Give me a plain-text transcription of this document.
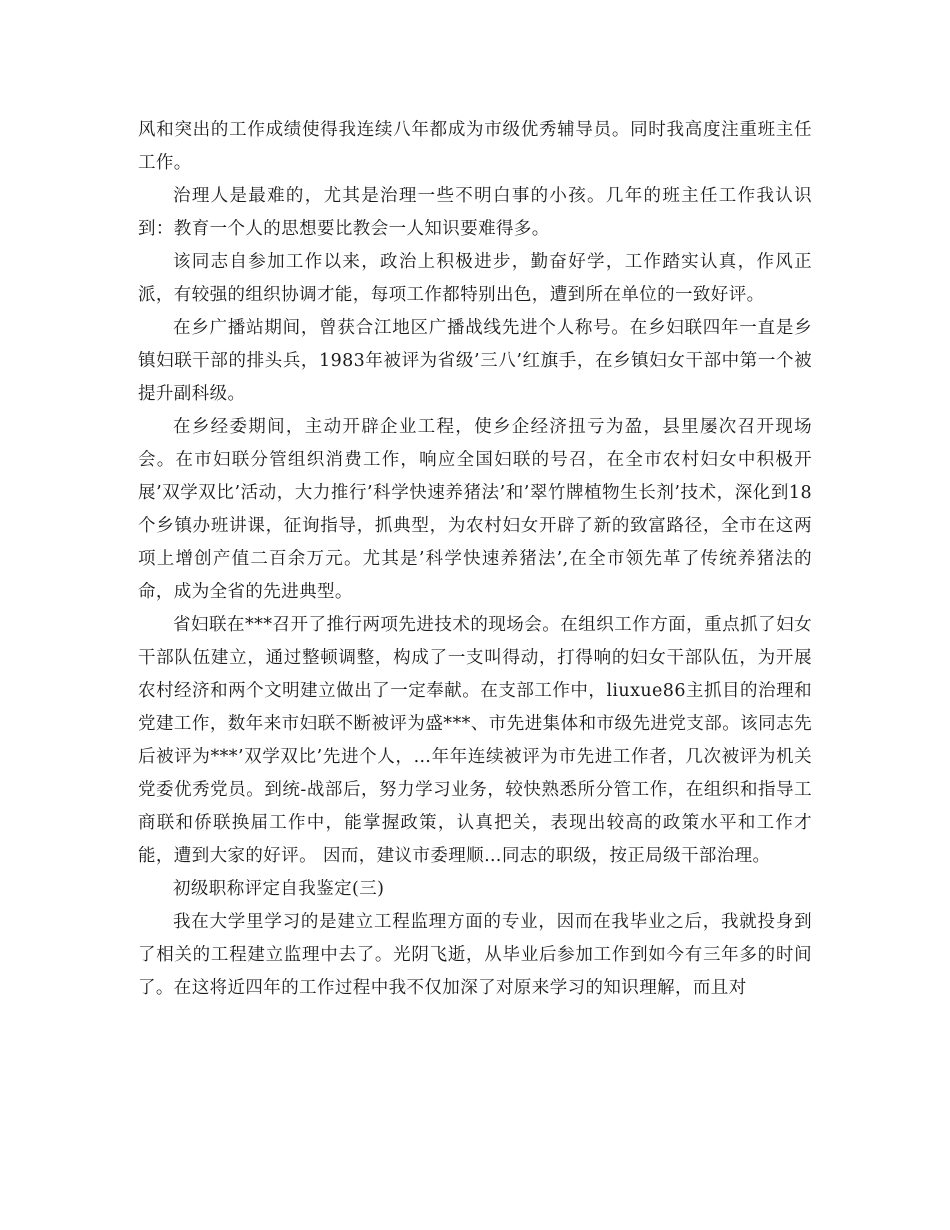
风和突出的工作成绩使得我连续八年都成为市级优秀辅导员。同时我高度注重班主任工作。

治理人是最难的，尤其是治理一些不明白事的小孩。几年的班主任工作我认识到：教育一个人的思想要比教会一人知识要难得多。

该同志自参加工作以来，政治上积极进步，勤奋好学，工作踏实认真，作风正派，有较强的组织协调才能，每项工作都特别出色，遭到所在单位的一致好评。

在乡广播站期间，曾获合江地区广播战线先进个人称号。在乡妇联四年一直是乡镇妇联干部的排头兵，1983年被评为省级’三八’红旗手，在乡镇妇女干部中第一个被提升副科级。

在乡经委期间，主动开辟企业工程，使乡企经济扭亏为盈，县里屡次召开现场会。在市妇联分管组织消费工作，响应全国妇联的号召，在全市农村妇女中积极开展’双学双比’活动，大力推行’科学快速养猪法’和’翠竹牌植物生长剂’技术，深化到18个乡镇办班讲课，征询指导，抓典型，为农村妇女开辟了新的致富路径，全市在这两项上增创产值二百余万元。尤其是’科学快速养猪法’,在全市领先革了传统养猪法的命，成为全省的先进典型。

省妇联在***召开了推行两项先进技术的现场会。在组织工作方面，重点抓了妇女干部队伍建立，通过整顿调整，构成了一支叫得动，打得响的妇女干部队伍，为开展农村经济和两个文明建立做出了一定奉献。在支部工作中，liuxue86主抓目的治理和党建工作，数年来市妇联不断被评为盛***、市先进集体和市级先进党支部。该同志先后被评为***’双学双比’先进个人，…年年连续被评为市先进工作者，几次被评为机关党委优秀党员。到统-战部后，努力学习业务，较快熟悉所分管工作，在组织和指导工商联和侨联换届工作中，能掌握政策，认真把关，表现出较高的政策水平和工作才能，遭到大家的好评。 因而，建议市委理顺…同志的职级，按正局级干部治理。

初级职称评定自我鉴定(三)

我在大学里学习的是建立工程监理方面的专业，因而在我毕业之后，我就投身到了相关的工程建立监理中去了。光阴飞逝，从毕业后参加工作到如今有三年多的时间了。在这将近四年的工作过程中我不仅加深了对原来学习的知识理解，而且对
